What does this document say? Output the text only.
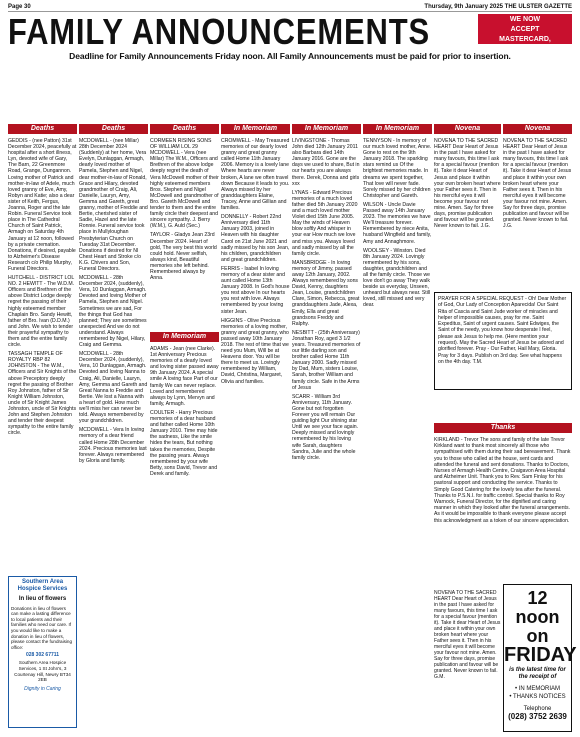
Page 30	Thursday, 9th January 2025 THE ULSTER GAZETTE
FAMILY ANNOUNCEMENTS	WE NOW
ACCEPT
MASTERCARD,
VISA & DELTA
Deadline for Family Announcements Friday noon. All Family Announcements must be paid for prior to insertion.
Deaths	Deaths	Deaths	In Memoriam	In Memoriam	In Memoriam	Novena	Novena

GEDDIS - (nee Patton) 31st December 2024, peacefully at hospital after a short illness, Lyn, devoted wife of Gary, The Barn, 22 Greenmore Road, Grange, Dungannon. Loving mother of Patrick and mother-in-law of Adele, much loved granny of Eve, Amy, Robyn and Katie; also a dear sister of Keith, Fergus, Joanna, Roger and the late Robin. Funeral Service took place in The Cathedral Church of Saint Patrick, Armagh on Saturday 4th January at 12 noon, followed by a private cremation. Donations, if desired, payable to Alzheimer's Disease Research c/o Philip Murphy, Funeral Directors.

HUTCHELL - DISTRICT LOL NO. 2 HEWITT - The W.D.M. Officers and Brethren of the above District Lodge deeply regret the passing of their highly esteemed member Chaplain Bro. Sandy Hewitt, father of Bro. Ivan (D.D.M.) and John. We wish to tender their prayerful sympathy to them and the entire family circle.

TASSAGH TEMPLE OF ROYALTY RBP 82 JOHNSTON - The W.M., Officers and Sir Knights of the above Preceptory deeply regret the passing of Brother Roy Johnston, father of Sir Knight William Johnston, uncle of Sir Knight James Johnston, uncle of Sir Knights John and Stephen Johnston and tender their deepest sympathy to the entire family circle.

Southern Area Hospice Services
In lieu of flowers
Donations in lieu of flowers can make a lasting difference to local patients and their families who need our care. If you would like to make a donation in lieu of flowers, please contact the fundraising office:
028 302 67711
Southern Area Hospice Services, 1 St John's, 3 Courtenay Hill, Newry BT34 2EB
Dignity in Caring

MCDOWELL - (nee Millar) 28th December 2024 (Suddenly) at her home, Vera Evelyn, Dunlaggan, Armagh, dearly loved mother of Pamela, Stephen and Nigel, dear mother-in-law of Ronald, Grace and Hilary, devoted grandmother of Craig, Ali, Danielle, Lauryn, Amy, Gemma and Gareth, great granny, mother of Freddie and Bertie, cherished sister of Sadie, Hazel and the late Ronnie. Funeral service took place in Mullyloughan Presbyterian Church on Tuesday 31st December. Donations if desired for NI Chest Heart and Stroke c/o K.G. Chivers and Son, Funeral Directors.

MCDOWELL - 28th December 2024, (suddenly), Vera, 10 Dunlaggan, Armagh. Devoted and loving Mother of Pamela, Stephen and Nigel. Sometimes we are sad, For the things that God has planned; They are sometimes unexpected And we do not understand. Always remembered by Nigel, Hilary, Craig and Gemma.

MCDOWELL - 28th December 2024, (suddenly), Vera, 10 Dunlaggan, Armagh. Devoted and loving Nanna to Craig, Ali, Danielle, Lauryn, Amy, Gemma and Gareth and Great Nanna to Freddie and Bertie. We lost a Nanna with a heart of gold. How much we'll miss her can never be told. Always remembered by your grandchildren.

MCDOWELL - Vera In loving memory of a dear friend called Home 28th December 2024. Precious memories last forever. Always remembered by Gloria and family.

CORMEEN RISING SONS OF WILLIAM LOL 29 MCDOWELL - Vera (nee Millar) The W.M., Officers and Brethren of the above lodge deeply regret the death of Vera McDowell mother of their highly esteemed members Bros. Stephen and Nigel McDowell and grandmother of Bro. Gareth McDowell and tender to them and the entire family circle their deepest and sincere sympathy. J. Berry (W.M.), G. Auld (Sec.)

TAYLOR - Gladys Jean 23rd December 2024. Heart of gold, The very best this world could hold. Never selfish, always kind, Beautiful memories she left behind. Remembered always by Anna.

In Memoriam

ADAMS - Jean (nee Clarke). 1st Anniversary Precious memories of a dearly loved and loving sister passed away 9th January 2024. A special smile A loving face Part of our family We can never replace. Loved and remembered always by Lynn, Mervyn and family, Armagh.

COULTER - Harry Precious memories of a dear husband and father called Home 10th January 2010. Time may hide the sadness, Like the smile hides the tears, But nothing takes the memories, Despite the passing years. Always remembered by your wife Betty, sons David, Trevor and Derek and family.

CROMWELL - May Treasured memories of our dearly loved granny and great granny called Home 11th January 2006. Memory is a lovely lane Where hearts are never broken, A lane we often travel down Because it leads to you. Always missed by her granddaughters Elaine, Tracey, Anne and Gillian and families.

DONNELLY - Robert 22nd Anniversary died 11th January 2003, joined in Heaven with his daughter Carol on 21st June 2021 and sadly missed by his son Jean, his children, grandchildren and great grandchildren.

FERRIS - Isabel In loving memory of a dear sister and aunt called Home 13th January 2008. In God's house you rest above In our hearts you rest with love. Always remembered by your loving sister Jean.

HIGGINS - Olive Precious memories of a loving mother, granny and great granny, who passed away 10th January 2018. The rest of time that we need you Mum, Will be at Heavens door. You will be there to meet us. Lovingly remembered by William, David, Christina, Margaret, Olivia and families.

LIVINGSTONE - Thomas John died 12th January 2011 also Barbara died 14th January 2016. Gone are the days we used to share, But in our hearts you are always there. Derek, Donna and girls xxx

LYNAS - Edward Precious memories of a much loved father died 5th January 2020 and a much loved mother Violet died 15th June 2005. May the winds of Heaven blow softly And whisper in your ear How much we love and miss you. Always loved and sadly missed by all the family circle.

MANSBRIDGE - In loving memory of Jimmy, passed away 12th January, 2002. Always remembered by sons David, Kenny, daughters Jean, Louise, grandchildren Clare, Simon, Rebecca, great granddaughters Jade, Alexa, Emily, Ella and great grandsons Freddy and Ralphy.

NESBITT - (25th Anniversary) Jonathan Roy, aged 3 1/2 years. Treasured memories of our little darling son and brother called Home 11th January 2000. Sadly missed by Dad, Mum, sisters Louise, Sarah, brother William and family circle. Safe in the Arms of Jesus

SCARR - William 3rd Anniversary, 11th January. Gone but not forgotten Forever you will remain Our guiding light Our shining star Until we see your face again. Deeply missed and lovingly remembered by his loving wife Sarah, daughters Sandra, Julie and the whole family circle.

TENNYSON - In memory of our much loved mother, Anne. Gone to rest on the 9th January 2018. The sparkling stars remind us Of the brightest memories made. In dreams we spent together, That love will never fade. Sorely missed by her children Christopher and Gareth.

WILSON - Uncle Davie Passed away 14th January 2023. The memories we have We'll treasure forever. Remembered by niece Anita, husband Wingfield and family, Amy and Annaghmore.

WOOLSEY - Winston. Died 8th January 2024. Lovingly remembered by his sons, daughter, grandchildren and all the family circle. Those we love don't go away They walk beside us everyday, Unseen, unheard but always near. Still loved, still missed and very dear.

NOVENA TO THE SACRED HEART Dear Heart of Jesus in the past I have asked for many favours, this time I ask for a special favour (mention it). Take it dear Heart of Jesus and place it within your own broken heart where your Father sees it. Then in his merciful eyes it will become your favour not mine. Amen. Say for three days, promise publication and favour will be granted. Never known to fail. J.G.

NOVENA TO THE SACRED HEART Dear Heart of Jesus in the past I have asked for many favours, this time I ask for a special favour (mention it). Take it dear Heart of Jesus and place it within your own broken heart where your Father sees it. Then in his merciful eyes it will become your favour not mine. Amen. Say for three days, promise publication and favour will be granted. Never known to fail. J.G.

PRAYER FOR A SPECIAL REQUEST - Oh! Dear Mother of God, Our Lady of Conception Aparecida! Our Saint Rita of Cascia and Saint Jude worker of miracles and helper of impossible causes, pray for me. Saint Expeditus, Saint of urgent causes. Saint Edwiges, the Saint of the needy, you know how desperate I feel, please ask Jesus to help me. (Here mention your request). May the Sacred Heart of Jesus be adored and glorified forever. Pray - Our Father, Hail Mary, Gloria. Pray for 3 days. Publish on 3rd day. See what happens on the 4th day. T.M.

Thanks

KIRKLAND - Trevor The sons and family of the late Trevor Kirkland want to thank most sincerely all those who sympathised with them during their sad bereavement. Thank you to those who called at the house, sent cards and attended the funeral and sent donations. Thanks to Doctors, Nurses of Armagh Health Centre, Craigavon Area Hospital and Alzheimer Unit. Thank you to Rev. Sam Finlay for his pastoral support and conducting the service. Thanks to Simply Good Catering for the lovely tea after the funeral. Thanks to P.S.N.I. for traffic control. Special thanks to Roy Warnock, Funeral Director, for the dignified and caring manner in which they looked after the funeral arrangements. As it would be impossible to thank everyone please accept this acknowledgment as a token of our sincere appreciation.

NOVENA TO THE SACRED HEART Dear Heart of Jesus in the past I have asked for many favours, this time I ask for a special favour (mention it). Take it dear Heart of Jesus and place it within your own broken heart where your Father sees it. Then in his merciful eyes it will become your favour not mine. Amen. Say for three days, promise publication and favour will be granted. Never known to fail. G.M.

12 noon on
FRIDAY
is the latest time for the receipt of
• IN MEMORIAM
• THANKS NOTICES
Telephone
(028) 3752 2639
